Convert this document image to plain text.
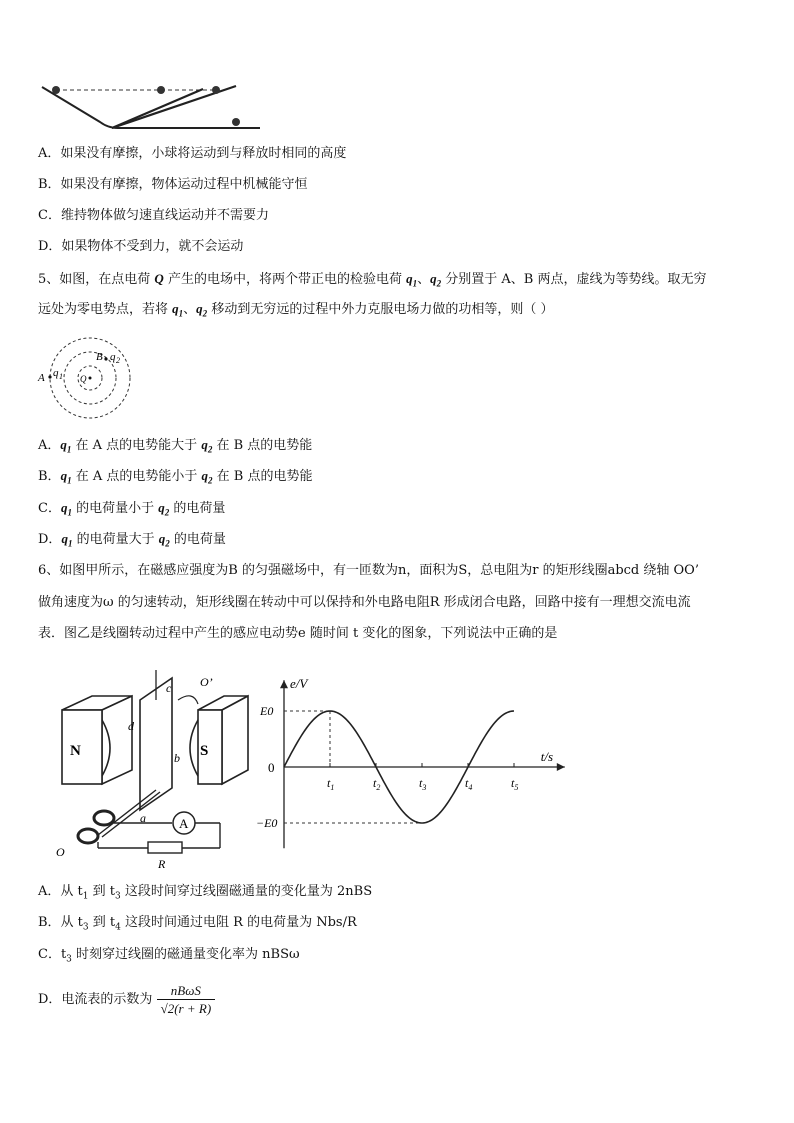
A．如果没有摩擦，小球将运动到与释放时相同的高度
B．如果没有摩擦，物体运动过程中机械能守恒
C．维持物体做匀速直线运动并不需要力
D．如果物体不受到力，就不会运动
5、如图，在点电荷 Q 产生的电场中，将两个带正电的检验电荷 $q_1$、$q_2$ 分别置于 A、B 两点，虚线为等势线。取无穷
远处为零电势点，若将 $q_1$、$q_2$ 移动到无穷远的过程中外力克服电场力做的功相等，则（ ）
Q
A q 1
B q 2
A．$q_1$ 在 A 点的电势能大于 $q_2$ 在 B 点的电势能
B．$q_1$ 在 A 点的电势能小于 $q_2$ 在 B 点的电势能
C．$q_1$ 的电荷量小于 $q_2$ 的电荷量
D．$q_1$ 的电荷量大于 $q_2$ 的电荷量
6、如图甲所示，在磁感应强度为B 的匀强磁场中，有一匝数为n，面积为S，总电阻为r 的矩形线圈abcd 绕轴 OO’
做角速度为ω 的匀速转动，矩形线圈在转动中可以保持和外电路电阻R 形成闭合电路，回路中接有一理想交流电流
表．图乙是线圈转动过程中产生的感应电动势e 随时间 t 变化的图象，下列说法中正确的是
N	S
c
d
b
a
O’
O
A
R
e/V
t/s
0
E0
−E0
$t_1$	$t_2$	$t_3$	$t_4$	$t_5$
A．从 $t_1$ 到 $t_3$ 这段时间穿过线圈磁通量的变化量为 2nBS
B．从 $t_3$ 到 $t_4$ 这段时间通过电阻 R 的电荷量为 Nbs/R
C．$t_3$ 时刻穿过线圈的磁通量变化率为 nBSω
D．电流表的示数为 $\frac{\text{nBωS}}{√2(r + R)}$
